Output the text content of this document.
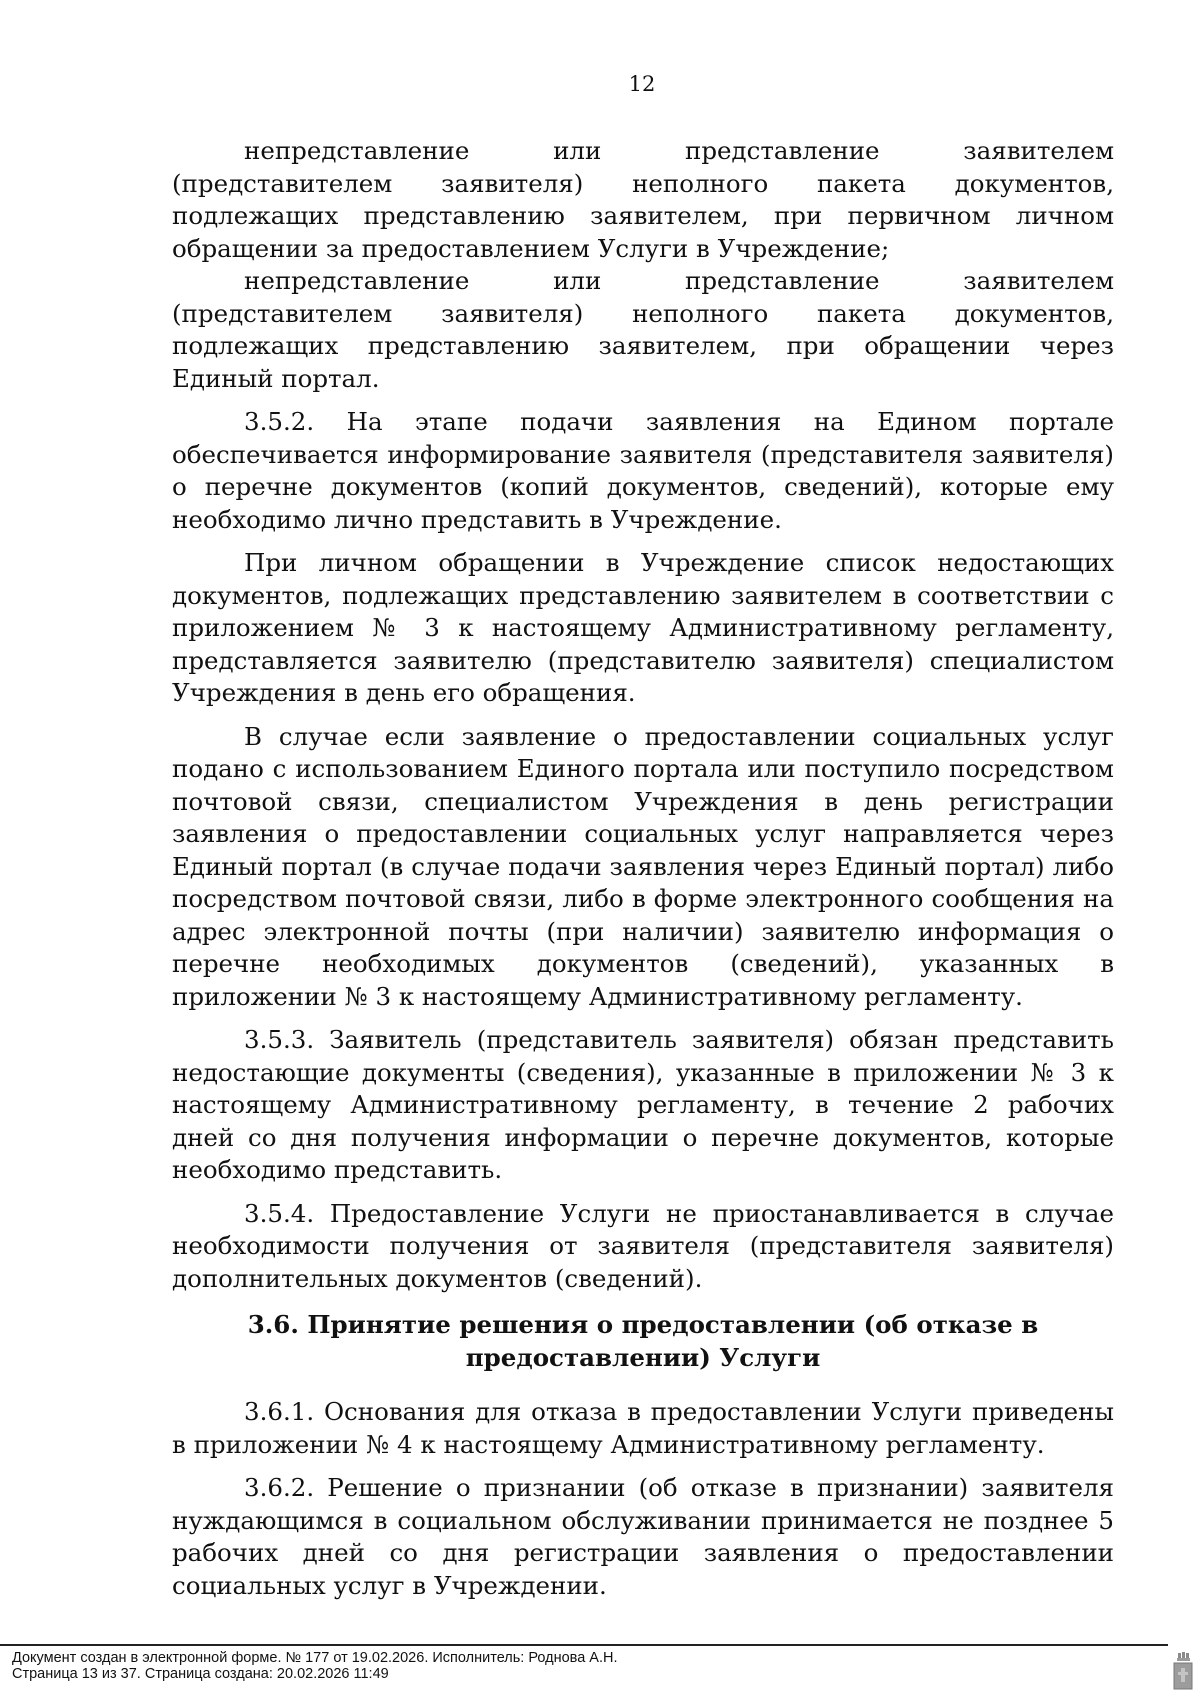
12

непредставление или представление заявителем (представителем заявителя) неполного пакета документов, подлежащих представлению заявителем, при первичном личном обращении за предоставлением Услуги в Учреждение;

непредставление или представление заявителем (представителем заявителя) неполного пакета документов, подлежащих представлению заявителем, при обращении через Единый портал.

3.5.2. На этапе подачи заявления на Едином портале обеспечивается информирование заявителя (представителя заявителя) о перечне документов (копий документов, сведений), которые ему необходимо лично представить в Учреждение.

При личном обращении в Учреждение список недостающих документов, подлежащих представлению заявителем в соответствии с приложением № 3 к настоящему Административному регламенту, представляется заявителю (представителю заявителя) специалистом Учреждения в день его обращения.

В случае если заявление о предоставлении социальных услуг подано с использованием Единого портала или поступило посредством почтовой связи, специалистом Учреждения в день регистрации заявления о предоставлении социальных услуг направляется через Единый портал (в случае подачи заявления через Единый портал) либо посредством почтовой связи, либо в форме электронного сообщения на адрес электронной почты (при наличии) заявителю информация о перечне необходимых документов (сведений), указанных в приложении № 3 к настоящему Административному регламенту.

3.5.3. Заявитель (представитель заявителя) обязан представить недостающие документы (сведения), указанные в приложении № 3 к настоящему Административному регламенту, в течение 2 рабочих дней со дня получения информации о перечне документов, которые необходимо представить.

3.5.4. Предоставление Услуги не приостанавливается в случае необходимости получения от заявителя (представителя заявителя) дополнительных документов (сведений).

3.6. Принятие решения о предоставлении (об отказе в предоставлении) Услуги

3.6.1. Основания для отказа в предоставлении Услуги приведены в приложении № 4 к настоящему Административному регламенту.

3.6.2. Решение о признании (об отказе в признании) заявителя нуждающимся в социальном обслуживании принимается не позднее 5 рабочих дней со дня регистрации заявления о предоставлении социальных услуг в Учреждении.

Документ создан в электронной форме. № 177 от 19.02.2026. Исполнитель: Роднова А.Н.
Страница 13 из 37. Страница создана: 20.02.2026 11:49
